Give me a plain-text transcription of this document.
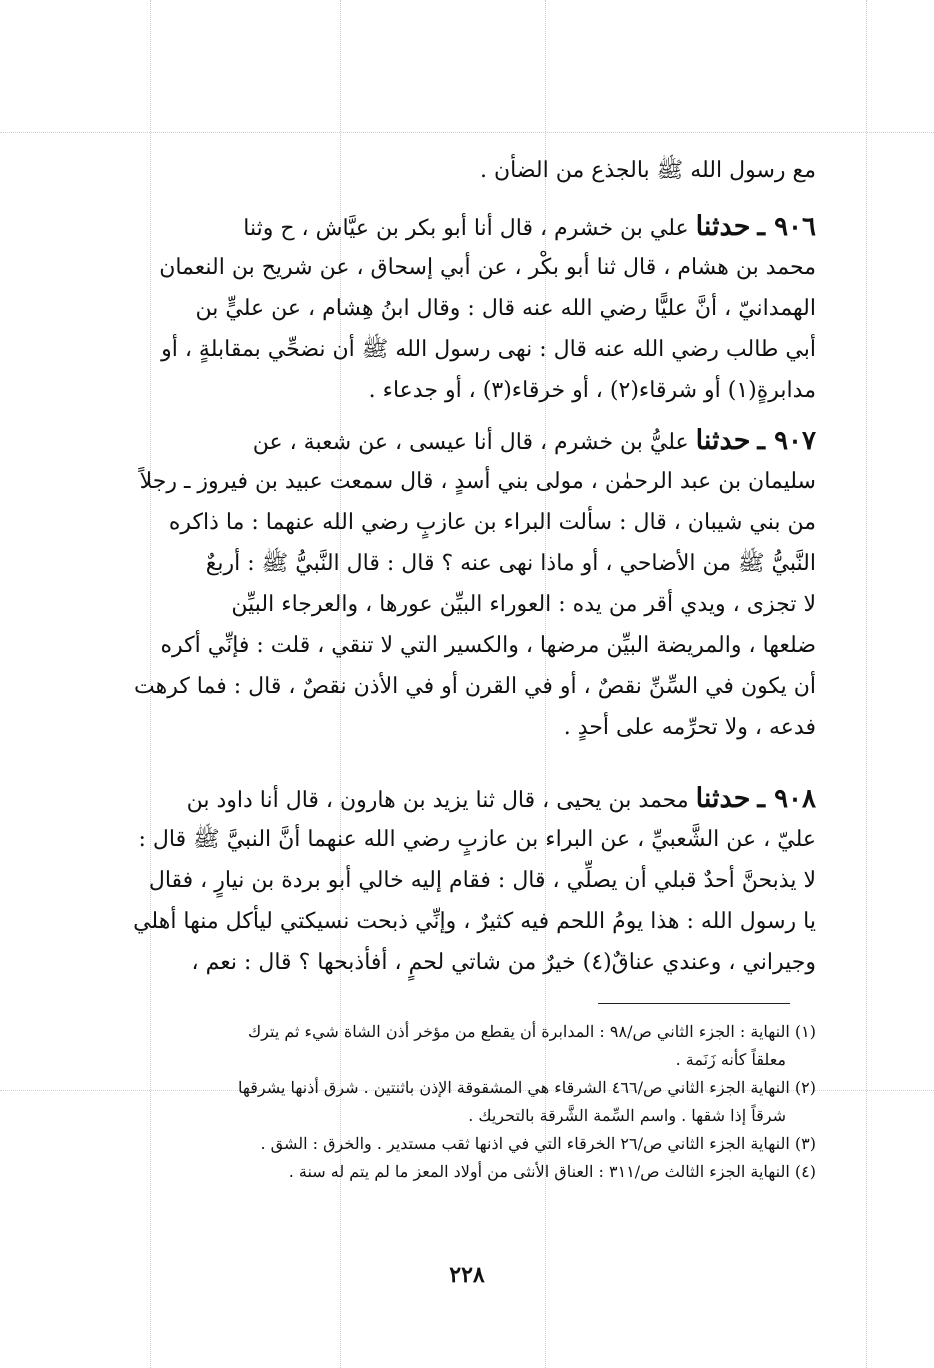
مع رسول الله ﷺ بالجذع من الضأن .
٩٠٦ ـ حدثنا علي بن خشرم ، قال أنا أبو بكر بن عيَّاش ، ح وثنا
محمد بن هشام ، قال ثنا أبو بكْر ، عن أبي إسحاق ، عن شريح بن النعمان
الهمدانيّ ، أنَّ عليًّا رضي الله عنه قال : وقال ابنُ هِشام ، عن عليٍّ بن
أبي طالب رضي الله عنه قال : نهى رسول الله ﷺ أن نضحِّي بمقابلةٍ ، أو
مدابرةٍ(١) أو شرقاء(٢) ، أو خرقاء(٣) ، أو جدعاء .
٩٠٧ ـ حدثنا عليُّ بن خشرم ، قال أنا عيسى ، عن شعبة ، عن
سليمان بن عبد الرحمٰن ، مولى بني أسدٍ ، قال سمعت عبيد بن فيروز ـ رجلاً
من بني شيبان ، قال : سألت البراء بن عازبٍ رضي الله عنهما : ما ذاكره
النَّبيُّ ﷺ من الأضاحي ، أو ماذا نهى عنه ؟ قال : قال النَّبيُّ ﷺ : أربعٌ
لا تجزى ، ويدي أقر من يده : العوراء البيِّن عورها ، والعرجاء البيِّن
ضلعها ، والمريضة البيِّن مرضها ، والكسير التي لا تنقي ، قلت : فإنِّي أكره
أن يكون في السِّنِّ نقصٌ ، أو في القرن أو في الأذن نقصٌ ، قال : فما كرهت
فدعه ، ولا تحرِّمه على أحدٍ .
٩٠٨ ـ حدثنا محمد بن يحيى ، قال ثنا يزيد بن هارون ، قال أنا داود بن
عليّ ، عن الشَّعبيِّ ، عن البراء بن عازبٍ رضي الله عنهما أنَّ النبيَّ ﷺ قال :
لا يذبحنَّ أحدٌ قبلي أن يصلِّي ، قال : فقام إليه خالي أبو بردة بن نيارٍ ، فقال
يا رسول الله : هذا يومُ اللحم فيه كثيرٌ ، وإنِّي ذبحت نسيكتي ليأكل منها أهلي
وجيراني ، وعندي عناقٌ(٤) خيرٌ من شاتي لحمٍ ، أفأذبحها ؟ قال : نعم ،
(١) النهاية : الجزء الثاني ص/٩٨ : المدابرة أن يقطع من مؤخر أذن الشاة شيء ثم يترك
معلقاً كأنه زَنَمة .
(٢) النهاية الجزء الثاني ص/٤٦٦ الشرقاء هي المشقوقة الإذن باثنتين . شرق أذنها يشرقها
شرقاً إذا شقها . واسم السِّمة الشَّرقة بالتحريك .
(٣) النهاية الجزء الثاني ص/٢٦ الخرقاء التي في اذنها ثقب مستدير . والخرق : الشق .
(٤) النهاية الجزء الثالث ص/٣١١ : العناق الأنثى من أولاد المعز ما لم يتم له سنة .
٢٢٨
